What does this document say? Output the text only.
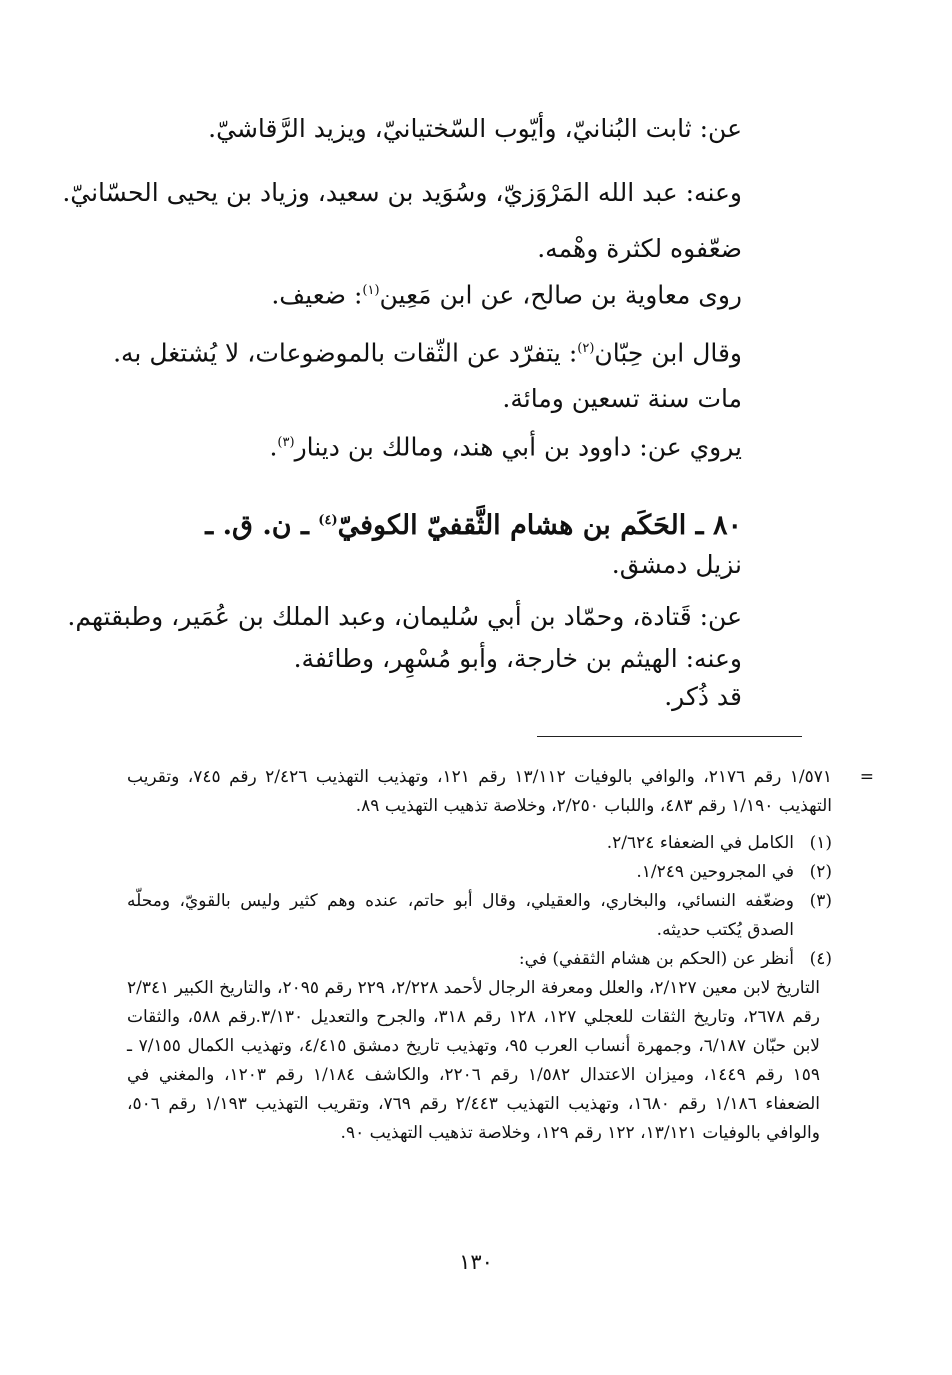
عن: ثابت البُنانيّ، وأيّوب السّختيانيّ، ويزيد الرَّقاشيّ.
وعنه: عبد الله المَرْوَزيّ، وسُوَيد بن سعيد، وزياد بن يحيى الحسّانيّ.
ضعّفوه لكثرة وهْمه.
روى معاوية بن صالح، عن ابن مَعِين$^{(١)}$: ضعيف.
وقال ابن حِبّان$^{(٢)}$: يتفرّد عن الثّقات بالموضوعات، لا يُشتغل به.
مات سنة تسعين ومائة.
يروي عن: داوود بن أبي هند، ومالك بن دينار$^{(٣)}$.
٨٠ ـ الحَكَم بن هشام الثَّقفيّ الكوفيّ$^{(٤)}$ ـ ن. ق. ـ
نزيل دمشق.
عن: قَتادة، وحمّاد بن أبي سُليمان، وعبد الملك بن عُمَير، وطبقتهم.
وعنه: الهيثم بن خارجة، وأبو مُسْهِر، وطائفة.
قد ذُكر.
=
١/٥٧١ رقم ٢١٧٦، والوافي بالوفيات ١٣/١١٢ رقم ١٢١، وتهذيب التهذيب ٢/٤٢٦ رقم ٧٤٥، وتقريب التهذيب ١/١٩٠ رقم ٤٨٣، واللباب ٢/٢٥٠، وخلاصة تذهيب التهذيب ٨٩.
(١)
الكامل في الضعفاء ٢/٦٢٤.
(٢)
في المجروحين ١/٢٤٩.
(٣)
وضعّفه النسائي، والبخاري، والعقيلي، وقال أبو حاتم، عنده وهم كثير وليس بالقويّ، ومحلّه الصدق يُكتب حديثه.
(٤)
أنظر عن (الحكم بن هشام الثقفي) في:
التاريخ لابن معين ٢/١٢٧، والعلل ومعرفة الرجال لأحمد ٢/٢٢٨، ٢٢٩ رقم ٢٠٩٥، والتاريخ الكبير ٢/٣٤١ رقم ٢٦٧٨، وتاريخ الثقات للعجلي ١٢٧، ١٢٨ رقم ٣١٨، والجرح والتعديل ٣/١٣٠.رقم ٥٨٨، والثقات لابن حبّان ٦/١٨٧، وجمهرة أنساب العرب ٩٥، وتهذيب تاريخ دمشق ٤/٤١٥، وتهذيب الكمال ٧/١٥٥ ـ ١٥٩ رقم ١٤٤٩، وميزان الاعتدال ١/٥٨٢ رقم ٢٢٠٦، والكاشف ١/١٨٤ رقم ١٢٠٣، والمغني في الضعفاء ١/١٨٦ رقم ١٦٨٠، وتهذيب التهذيب ٢/٤٤٣ رقم ٧٦٩، وتقريب التهذيب ١/١٩٣ رقم ٥٠٦، والوافي بالوفيات ١٣/١٢١، ١٢٢ رقم ١٢٩، وخلاصة تذهيب التهذيب ٩٠.
١٣٠
